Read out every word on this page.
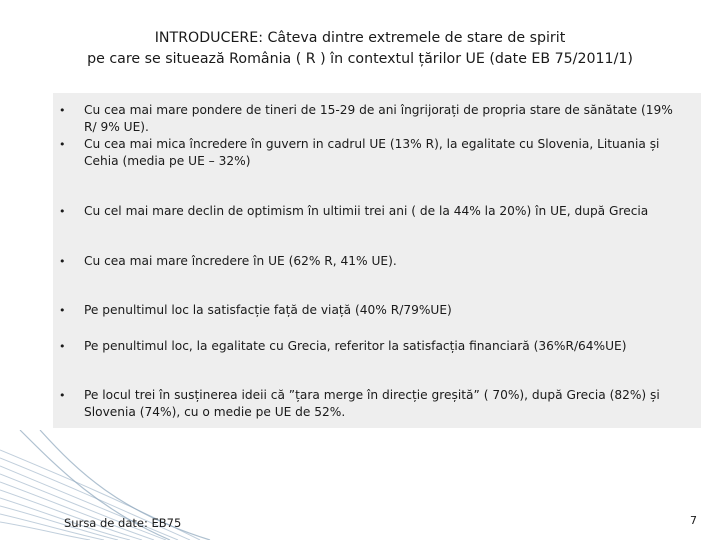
INTRODUCERE: Câteva dintre extremele de stare de spirit
pe care se situează România ( R ) în contextul țărilor UE (date EB 75/2011/1)
• Cu cea mai mare pondere de tineri de 15-29 de ani îngrijorați de propria stare de sănătate (19% R/ 9% UE).
• Cu cea mai mica încredere în guvern in cadrul UE (13% R), la egalitate cu Slovenia, Lituania și Cehia (media pe UE – 32%)
• Cu cel mai mare declin de optimism în ultimii trei ani ( de la 44% la 20%) în UE, după Grecia
• Cu cea mai mare încredere în UE (62% R, 41% UE).
• Pe penultimul loc la satisfacție față de viață (40% R/79%UE)
• Pe penultimul loc, la egalitate cu Grecia, referitor la satisfacția financiară (36%R/64%UE)
• Pe locul trei în susținerea ideii că ”țara merge în direcție greșită” ( 70%), după Grecia (82%) și Slovenia (74%), cu o medie pe UE de 52%.
Sursa de date: EB75	7
